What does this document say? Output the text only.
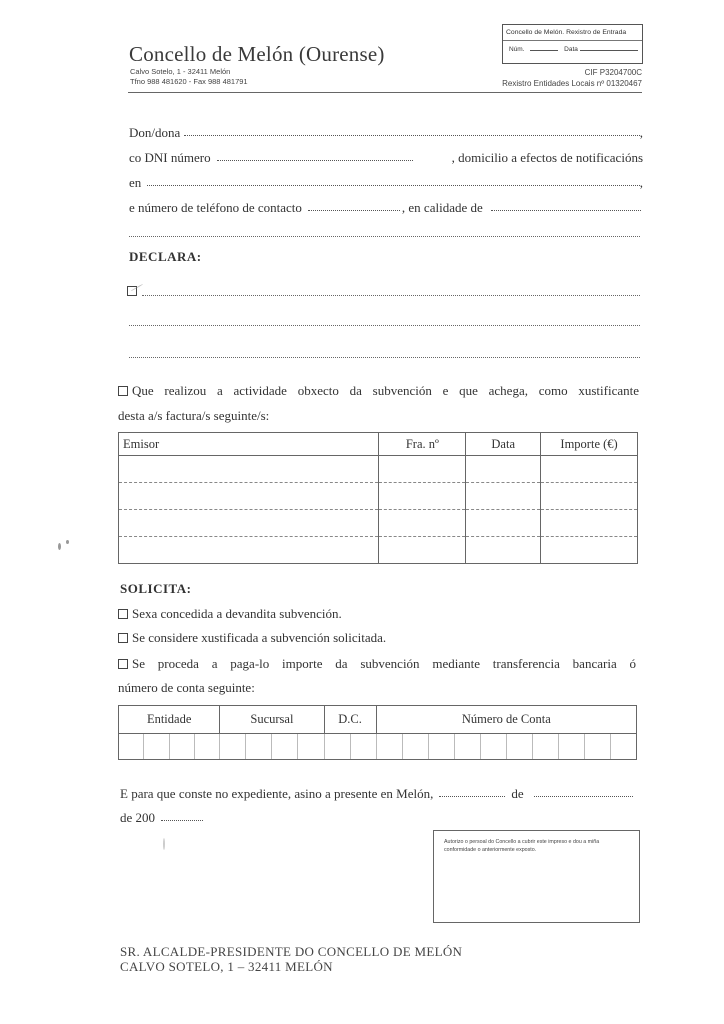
Concello de Melón (Ourense)
Calvo Sotelo, 1 - 32411 Melón
Tfno 988 481620 - Fax 988 481791
Concello de Melón. Rexistro de Entrada
Núm.	Data
CIF P3204700C
Rexistro Entidades Locais nº 01320467
Don/dona	,
co DNI número	, domicilio a efectos de notificacións
en	,
e número de teléfono de contacto	, en calidade de
DECLARA:
Que realizou a actividade obxecto da subvención e que achega, como xustificante
desta a/s factura/s seguinte/s:
Emisor	Fra. nº	Data	Importe (€)

SOLICITA:
Sexa concedida a devandita subvención.
Se considere xustificada a subvención solicitada.
Se proceda a paga-lo importe da subvención mediante transferencia bancaria ó
número de conta seguinte:
Entidade				Sucursal				D.C.		Número de Conta									

E para que conste no expediente, asino a presente en Melón,	de
de 200
Autorizo o persoal do Concello a cubrir este impreso e dou a miña conformidade o anteriormente exposto.
SR. ALCALDE-PRESIDENTE DO CONCELLO DE MELÓN
CALVO SOTELO, 1 – 32411 MELÓN
